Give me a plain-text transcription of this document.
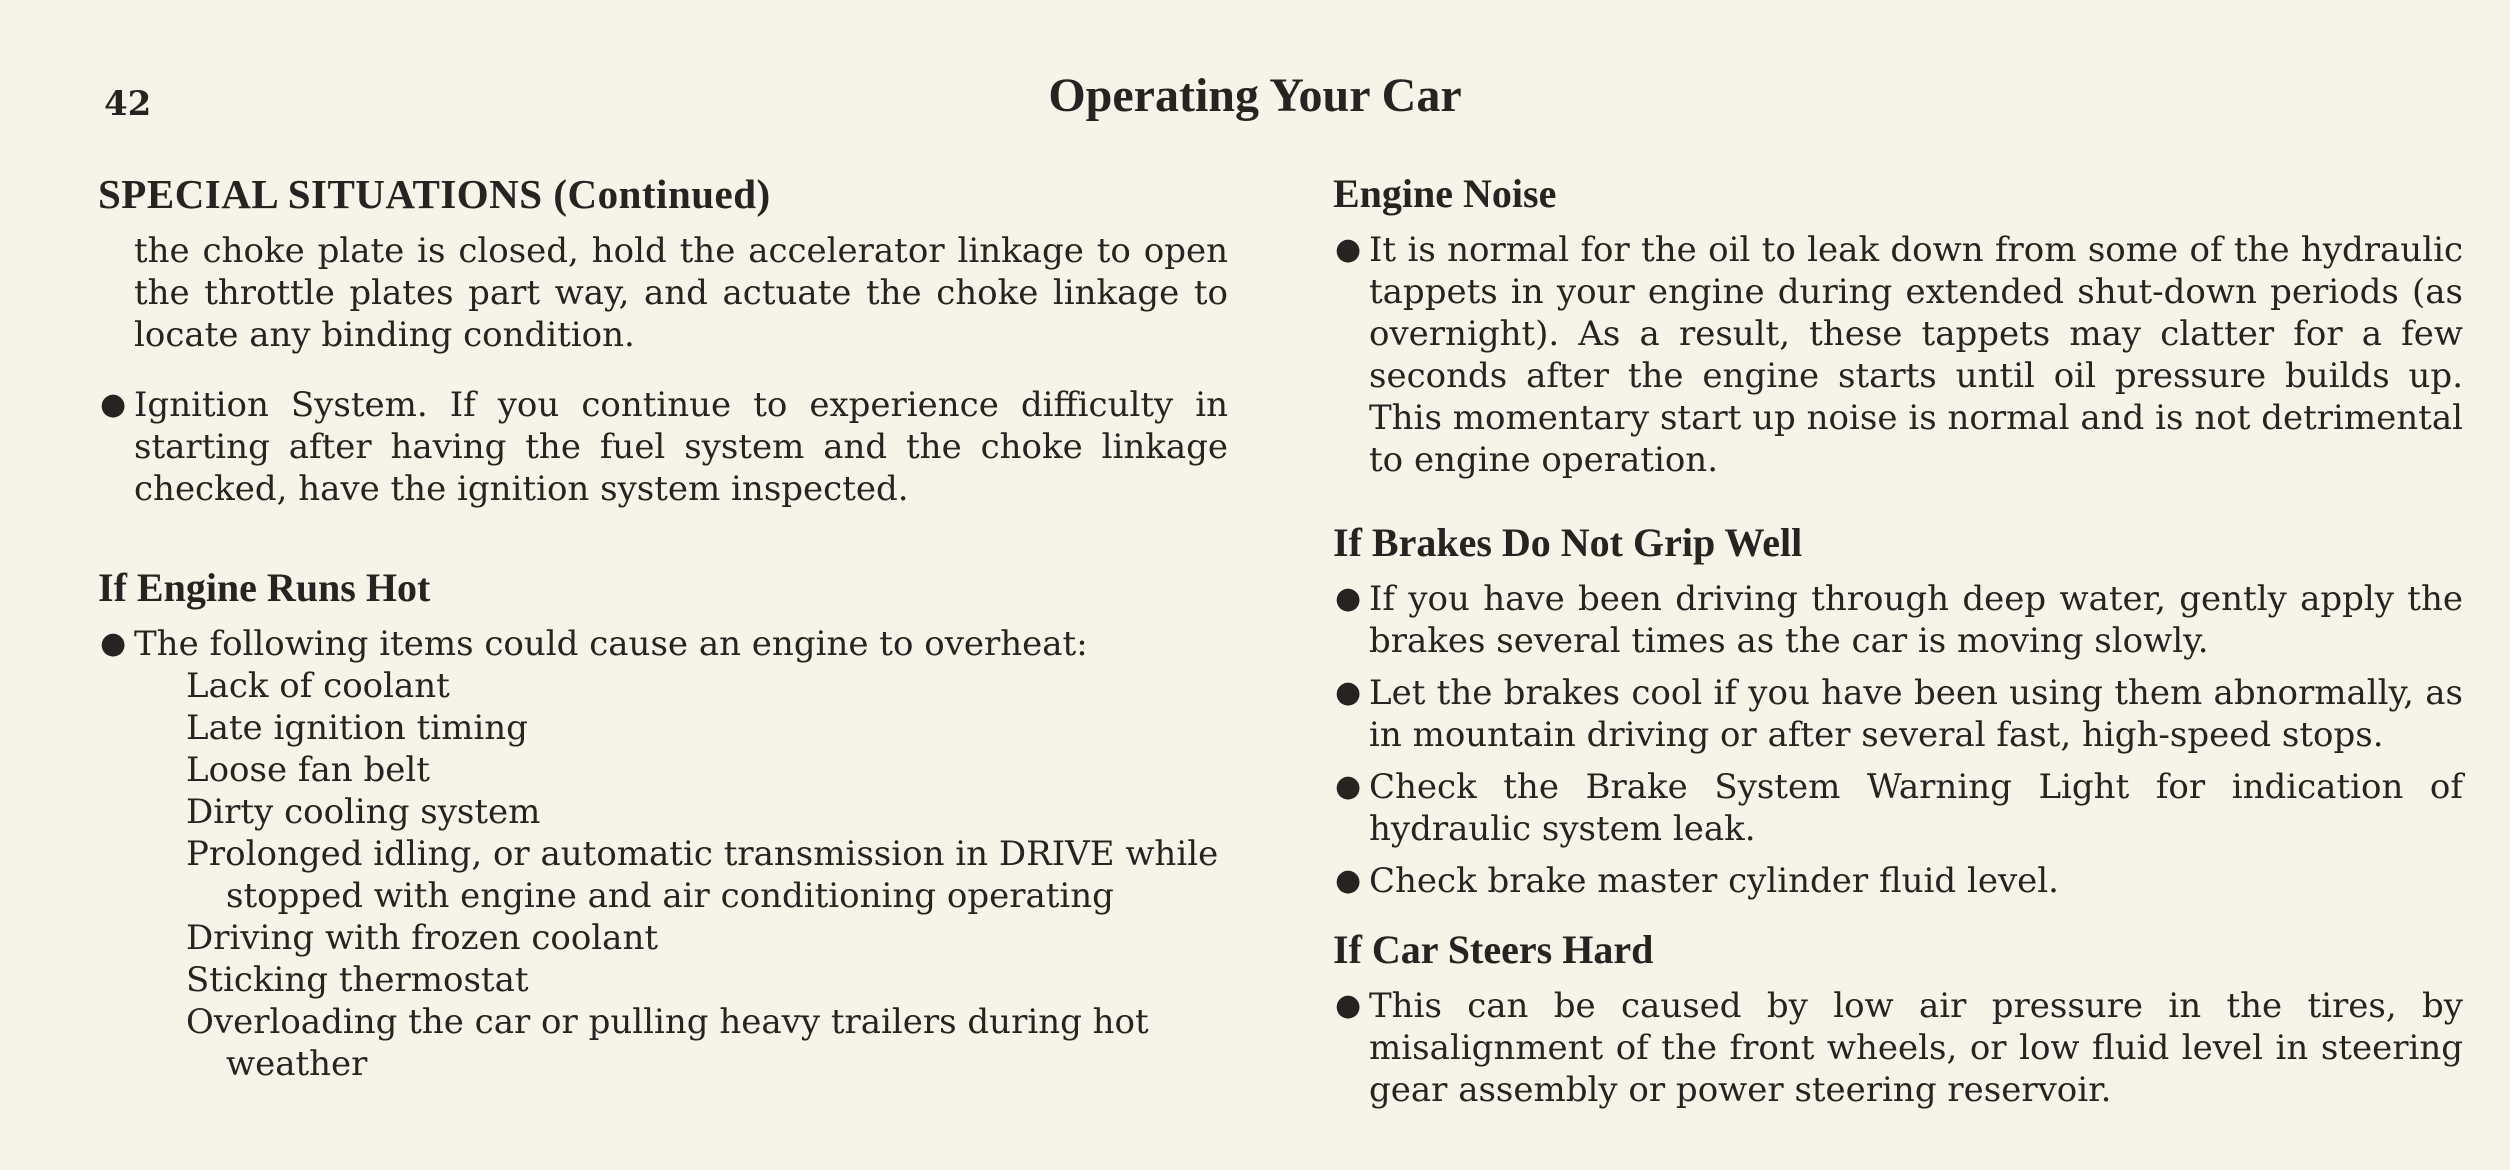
42	Operating Your Car
SPECIAL SITUATIONS (Continued)
the choke plate is closed, hold the accelerator linkage to open the throttle plates part way, and actuate the choke linkage to locate any binding condition.
● Ignition System. If you continue to experience difficulty in starting after having the fuel system and the choke linkage checked, have the ignition system inspected.
If Engine Runs Hot
● The following items could cause an engine to overheat:
Lack of coolant
Late ignition timing
Loose fan belt
Dirty cooling system
Prolonged idling, or automatic transmission in DRIVE while stopped with engine and air conditioning operating
Driving with frozen coolant
Sticking thermostat
Overloading the car or pulling heavy trailers during hot weather
Engine Noise
● It is normal for the oil to leak down from some of the hydraulic tappets in your engine during extended shut-down periods (as overnight). As a result, these tappets may clatter for a few seconds after the engine starts until oil pressure builds up. This momentary start up noise is normal and is not detrimental to engine operation.
If Brakes Do Not Grip Well
● If you have been driving through deep water, gently apply the brakes several times as the car is moving slowly.
● Let the brakes cool if you have been using them abnormally, as in mountain driving or after several fast, high-speed stops.
● Check the Brake System Warning Light for indication of hydraulic system leak.
● Check brake master cylinder fluid level.
If Car Steers Hard
● This can be caused by low air pressure in the tires, by misalignment of the front wheels, or low fluid level in steering gear assembly or power steering reservoir.
